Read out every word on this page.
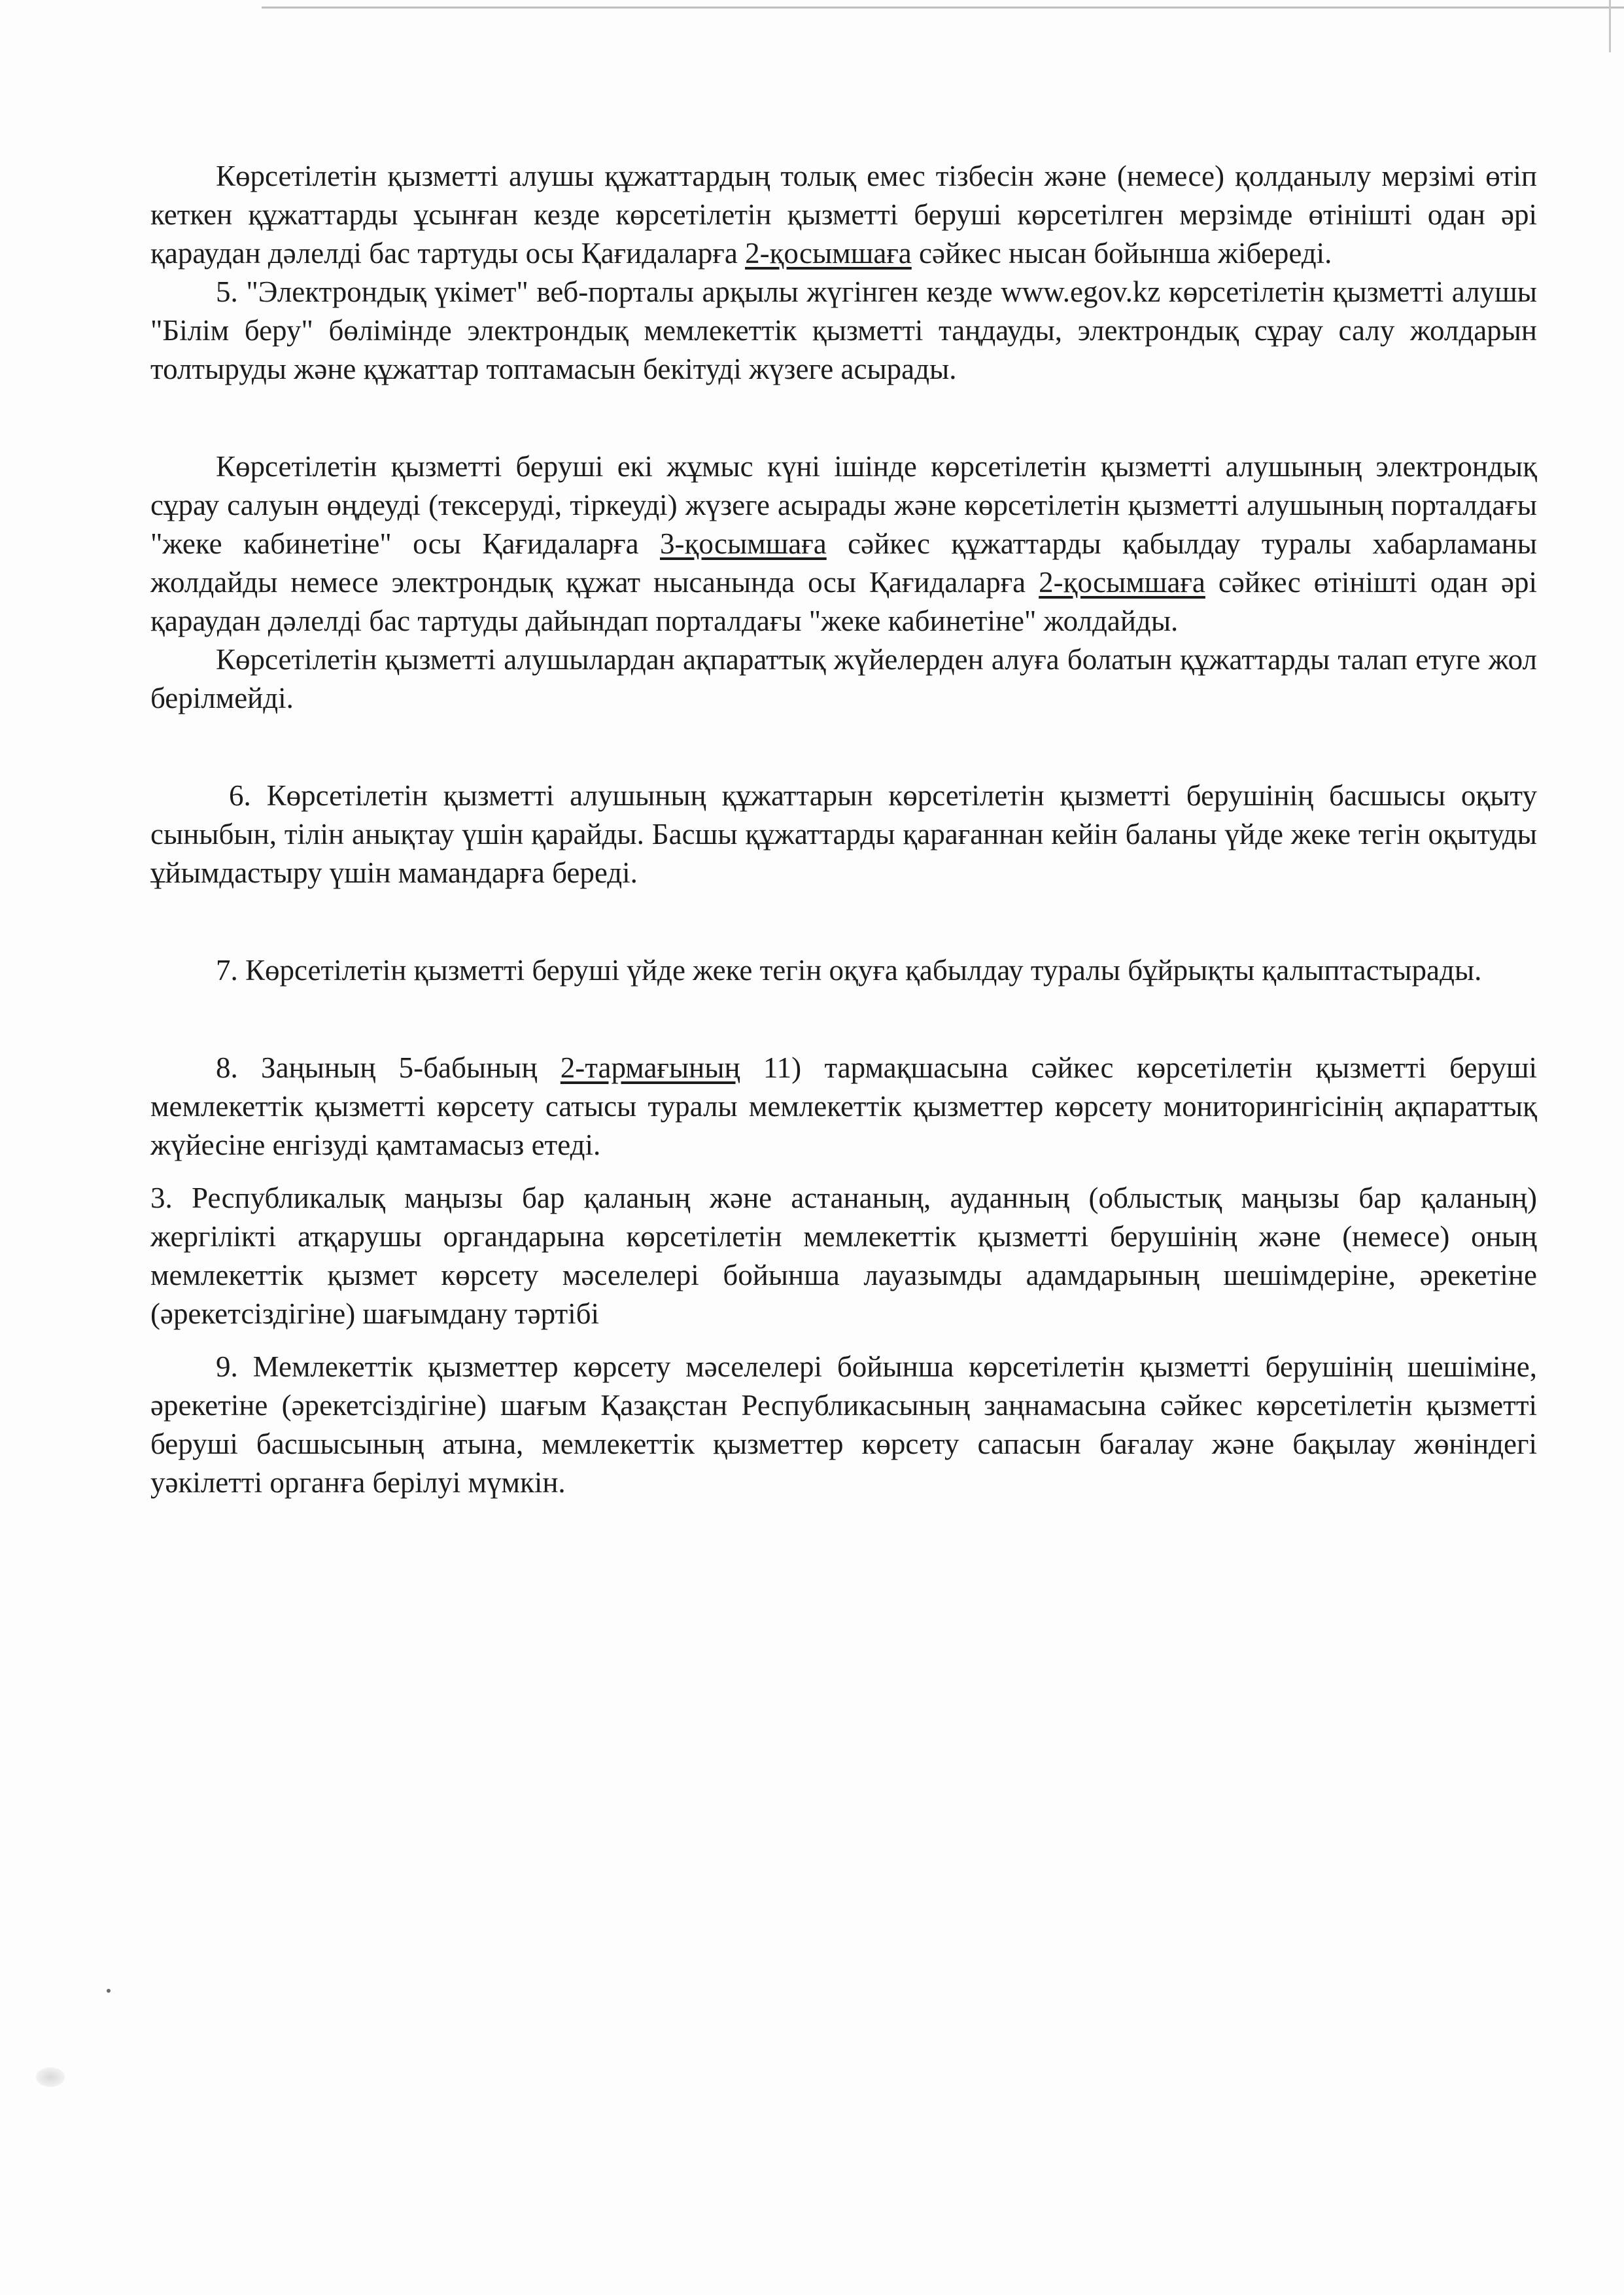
Көрсетілетін қызметті алушы құжаттардың толық емес тізбесін және (немесе) қолданылу мерзімі өтіп кеткен құжаттарды ұсынған кезде көрсетілетін қызметті беруші көрсетілген мерзімде өтінішті одан әрі қараудан дәлелді бас тартуды осы Қағидаларға 2-қосымшаға сәйкес нысан бойынша жібереді.

5. "Электрондық үкімет" веб-порталы арқылы жүгінген кезде www.egov.kz көрсетілетін қызметті алушы "Білім беру" бөлімінде электрондық мемлекеттік қызметті таңдауды, электрондық сұрау салу жолдарын толтыруды және құжаттар топтамасын бекітуді жүзеге асырады.

Көрсетілетін қызметті беруші екі жұмыс күні ішінде көрсетілетін қызметті алушының электрондық сұрау салуын өңдеуді (тексеруді, тіркеуді) жүзеге асырады және көрсетілетін қызметті алушының порталдағы "жеке кабинетіне" осы Қағидаларға 3-қосымшаға сәйкес құжаттарды қабылдау туралы хабарламаны жолдайды немесе электрондық құжат нысанында осы Қағидаларға 2-қосымшаға сәйкес өтінішті одан әрі қараудан дәлелді бас тартуды дайындап порталдағы "жеке кабинетіне" жолдайды.

Көрсетілетін қызметті алушылардан ақпараттық жүйелерден алуға болатын құжаттарды талап етуге жол берілмейді.

6. Көрсетілетін қызметті алушының құжаттарын көрсетілетін қызметті берушінің басшысы оқыту сыныбын, тілін анықтау үшін қарайды. Басшы құжаттарды қарағаннан кейін баланы үйде жеке тегін оқытуды ұйымдастыру үшін мамандарға береді.

7. Көрсетілетін қызметті беруші үйде жеке тегін оқуға қабылдау туралы бұйрықты қалыптастырады.

8. Заңының 5-бабының 2-тармағының 11) тармақшасына сәйкес көрсетілетін қызметті беруші мемлекеттік қызметті көрсету сатысы туралы мемлекеттік қызметтер көрсету мониторингісінің ақпараттық жүйесіне енгізуді қамтамасыз етеді.

3. Республикалық маңызы бар қаланың және астананың, ауданның (облыстық маңызы бар қаланың) жергілікті атқарушы органдарына көрсетілетін мемлекеттік қызметті берушінің және (немесе) оның мемлекеттік қызмет көрсету мәселелері бойынша лауазымды адамдарының шешімдеріне, әрекетіне (әрекетсіздігіне) шағымдану тәртібі

9. Мемлекеттік қызметтер көрсету мәселелері бойынша көрсетілетін қызметті берушінің шешіміне, әрекетіне (әрекетсіздігіне) шағым Қазақстан Республикасының заңнамасына сәйкес көрсетілетін қызметті беруші басшысының атына, мемлекеттік қызметтер көрсету сапасын бағалау және бақылау жөніндегі уәкілетті органға берілуі мүмкін.
